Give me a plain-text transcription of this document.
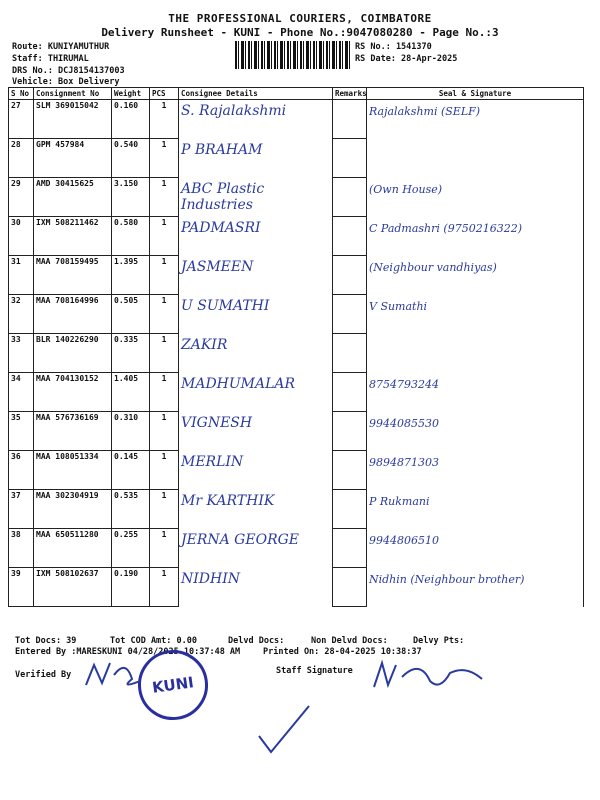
THE PROFESSIONAL COURIERS, COIMBATORE
Delivery Runsheet - KUNI - Phone No.:9047080280 - Page No.:3
Route: KUNIYAMUTHUR
Staff: THIRUMAL
DRS No.: DCJ8154137003
Vehicle: Box Delivery
RS No.: 1541370
RS Date: 28-Apr-2025
S No	Consignment No	Weight	PCS	Consignee Details	Remarks	Seal & Signature
27	SLM 369015042	0.160	1	S. Rajalakshmi		Rajalakshmi (SELF)
28	GPM 457984	0.540	1	P BRAHAM		
29	AMD 30415625	3.150	1	ABC Plastic Industries		(Own House)
30	IXM 508211462	0.580	1	PADMASRI		C Padmashri (9750216322)
31	MAA 708159495	1.395	1	JASMEEN		(Neighbour vandhiyas)
32	MAA 708164996	0.505	1	U SUMATHI		V Sumathi
33	BLR 140226290	0.335	1	ZAKIR		
34	MAA 704130152	1.405	1	MADHUMALAR		8754793244
35	MAA 576736169	0.310	1	VIGNESH		9944085530
36	MAA 108051334	0.145	1	MERLIN		9894871303
37	MAA 302304919	0.535	1	Mr KARTHIK		P Rukmani
38	MAA 650511280	0.255	1	JERNA GEORGE		9944806510
39	IXM 508102637	0.190	1	NIDHIN		Nidhin (Neighbour brother)
Tot Docs: 39	Tot COD Amt: 0.00	Delvd Docs:	Non Delvd Docs:	Delvy Pts:
Entered By :MARESKUNI 04/28/2025 10:37:48 AM	Printed On: 28-04-2025 10:38:37
Verified By	Staff Signature
KUNI
